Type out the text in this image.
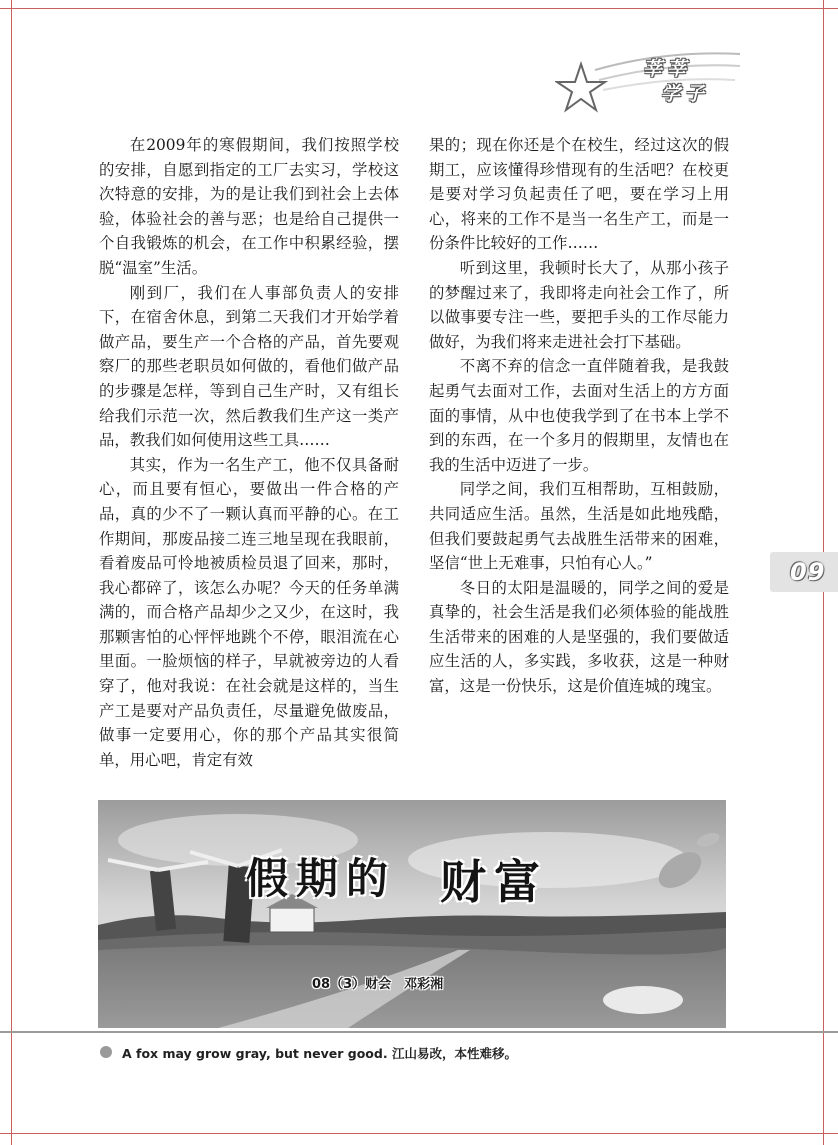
莘莘
学子

在2009年的寒假期间，我们按照学校的安排，自愿到指定的工厂去实习，学校这次特意的安排，为的是让我们到社会上去体验，体验社会的善与恶；也是给自己提供一个自我锻炼的机会，在工作中积累经验，摆脱“温室”生活。

刚到厂，我们在人事部负责人的安排下，在宿舍休息，到第二天我们才开始学着做产品，要生产一个合格的产品，首先要观察厂的那些老职员如何做的，看他们做产品的步骤是怎样，等到自己生产时，又有组长给我们示范一次，然后教我们生产这一类产品，教我们如何使用这些工具……

其实，作为一名生产工，他不仅具备耐心，而且要有恒心，要做出一件合格的产品，真的少不了一颗认真而平静的心。在工作期间，那废品接二连三地呈现在我眼前，看着废品可怜地被质检员退了回来，那时，我心都碎了，该怎么办呢？今天的任务单满满的，而合格产品却少之又少，在这时，我那颗害怕的心怦怦地跳个不停，眼泪流在心里面。一脸烦恼的样子，早就被旁边的人看穿了，他对我说：在社会就是这样的，当生产工是要对产品负责任，尽量避免做废品，做事一定要用心，你的那个产品其实很简单，用心吧，肯定有效

果的；现在你还是个在校生，经过这次的假期工，应该懂得珍惜现有的生活吧？在校更是要对学习负起责任了吧，要在学习上用心，将来的工作不是当一名生产工，而是一份条件比较好的工作……

听到这里，我顿时长大了，从那小孩子的梦醒过来了，我即将走向社会工作了，所以做事要专注一些，要把手头的工作尽能力做好，为我们将来走进社会打下基础。

不离不弃的信念一直伴随着我，是我鼓起勇气去面对工作，去面对生活上的方方面面的事情，从中也使我学到了在书本上学不到的东西，在一个多月的假期里，友情也在我的生活中迈进了一步。

同学之间，我们互相帮助，互相鼓励，共同适应生活。虽然，生活是如此地残酷，但我们要鼓起勇气去战胜生活带来的困难，坚信“世上无难事，只怕有心人。”

冬日的太阳是温暖的，同学之间的爱是真挚的，社会生活是我们必须体验的能战胜生活带来的困难的人是坚强的，我们要做适应生活的人，多实践，多收获，这是一种财富，这是一份快乐，这是价值连城的瑰宝。

09
假期的 财富
08（3）财会　邓彩湘
A fox may grow gray, but never good. 江山易改，本性难移。
